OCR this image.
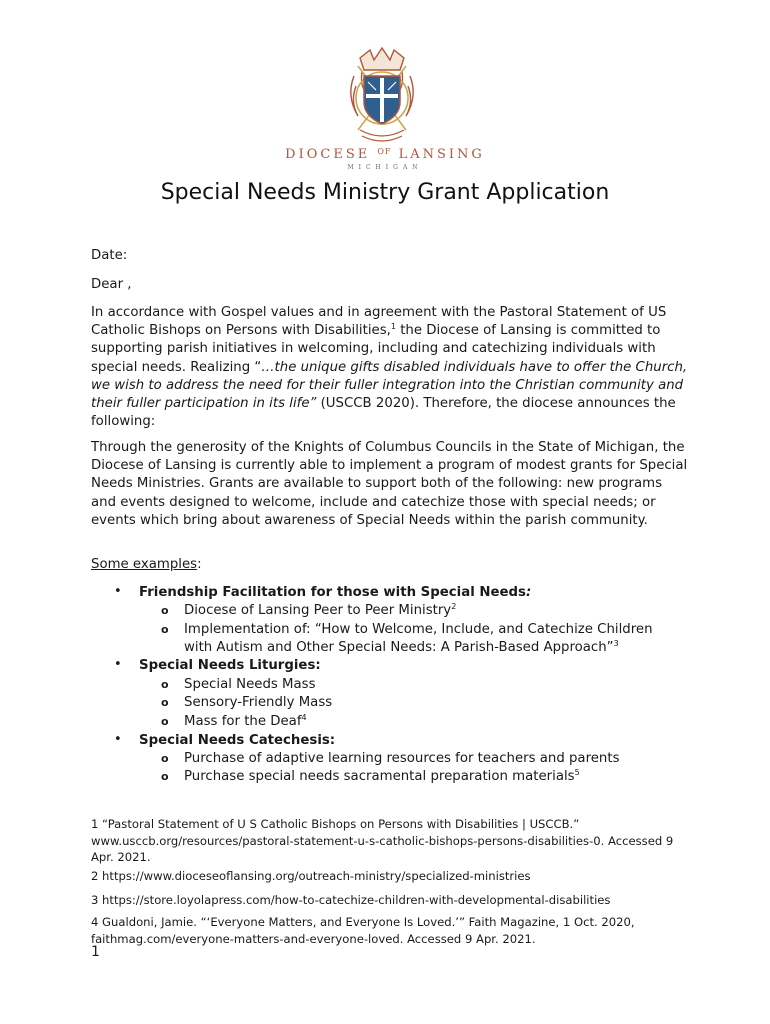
DIOCESE $^{OF}$ LANSING
MICHIGAN
Special Needs Ministry Grant Application

Date:

Dear ,

In accordance with Gospel values and in agreement with the Pastoral Statement of US Catholic Bishops on Persons with Disabilities,$^1$ the Diocese of Lansing is committed to supporting parish initiatives in welcoming, including and catechizing individuals with special needs. Realizing “…the unique gifts disabled individuals have to offer the Church, we wish to address the need for their fuller integration into the Christian community and their fuller participation in its life” (USCCB 2020). Therefore, the diocese announces the following:

Through the generosity of the Knights of Columbus Councils in the State of Michigan, the Diocese of Lansing is currently able to implement a program of modest grants for Special Needs Ministries. Grants are available to support both of the following: new programs and events designed to welcome, include and catechize those with special needs; or events which bring about awareness of Special Needs within the parish community.

Some examples:

• Friendship Facilitation for those with Special Needs:
o Diocese of Lansing Peer to Peer Ministry$^2$
o Implementation of: “How to Welcome, Include, and Catechize Children with Autism and Other Special Needs: A Parish-Based Approach”$^3$
• Special Needs Liturgies:
o Special Needs Mass
o Sensory-Friendly Mass
o Mass for the Deaf$^4$
• Special Needs Catechesis:
o Purchase of adaptive learning resources for teachers and parents
o Purchase special needs sacramental preparation materials$^5$

1 “Pastoral Statement of U S Catholic Bishops on Persons with Disabilities | USCCB.” www.usccb.org/resources/pastoral-statement-u-s-catholic-bishops-persons-disabilities-0. Accessed 9 Apr. 2021.

2 https://www.dioceseoflansing.org/outreach-ministry/specialized-ministries

3 https://store.loyolapress.com/how-to-catechize-children-with-developmental-disabilities

4 Gualdoni, Jamie. “‘Everyone Matters, and Everyone Is Loved.’” Faith Magazine, 1 Oct. 2020, faithmag.com/everyone-matters-and-everyone-loved. Accessed 9 Apr. 2021.

1
